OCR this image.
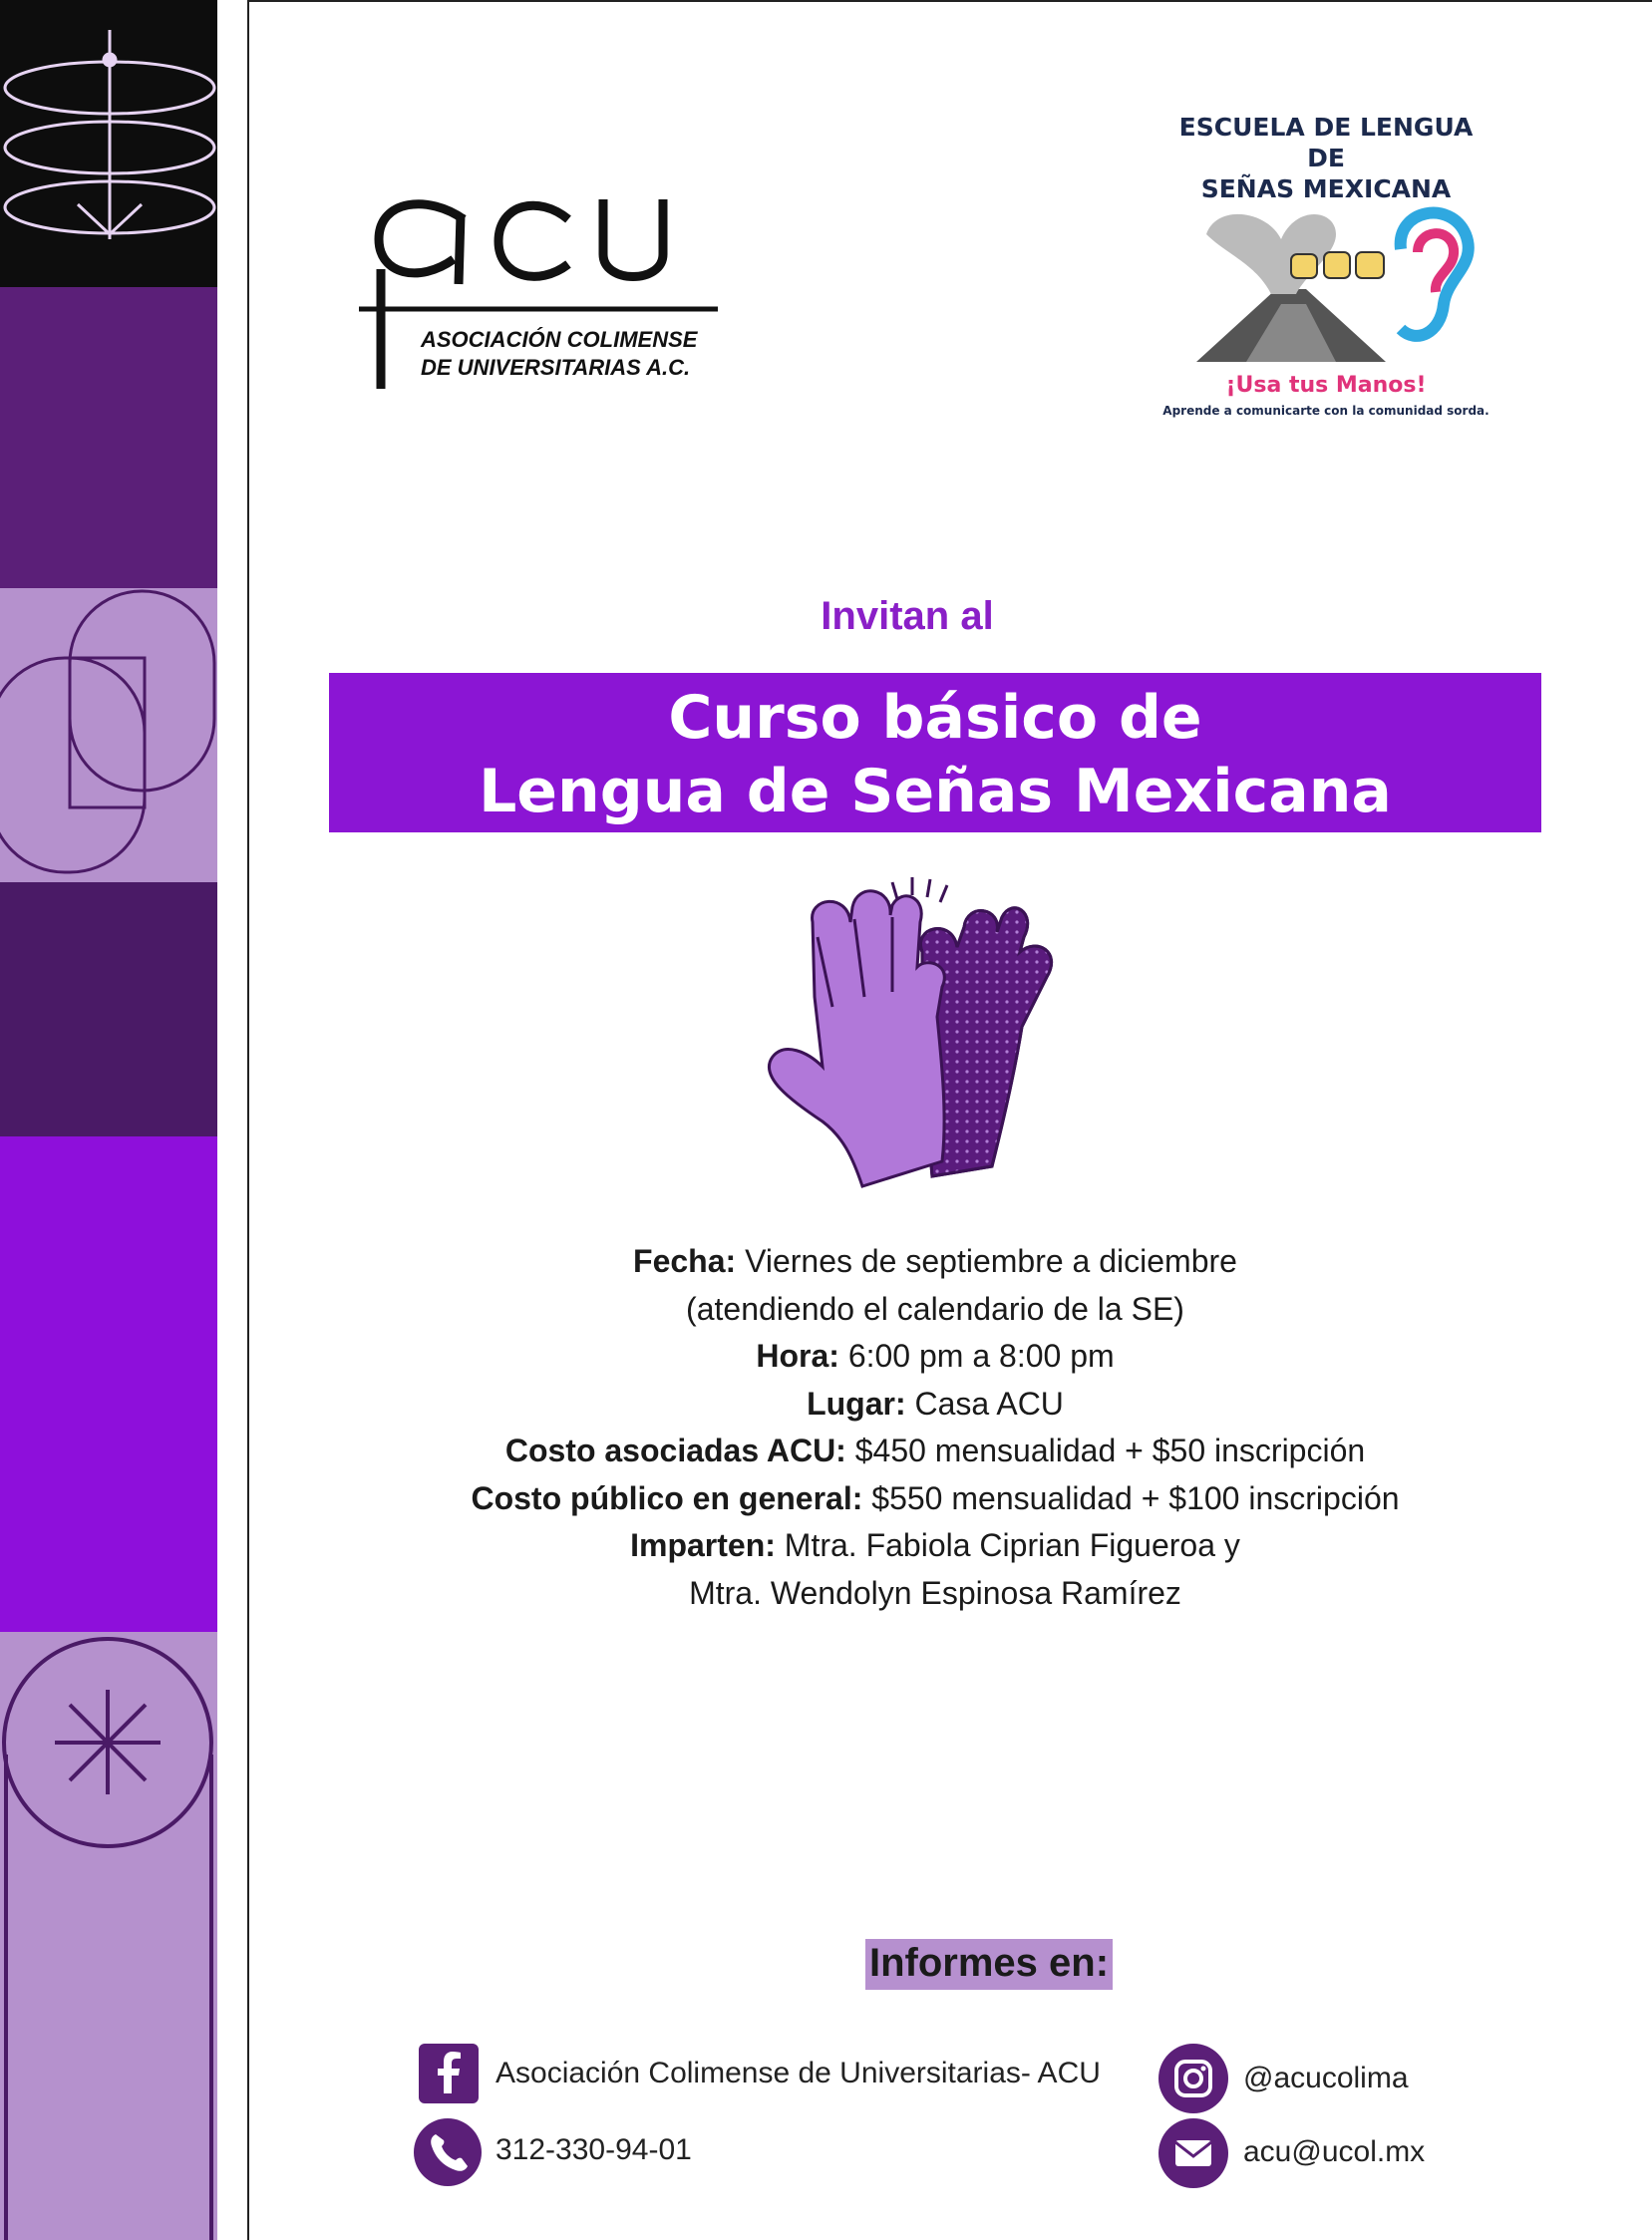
ASOCIACIÓN COLIMENSE
DE UNIVERSITARIAS A.C.
ESCUELA DE LENGUA DE
SEÑAS MEXICANA
¡Usa tus Manos!
Aprende a comunicarte con la comunidad sorda.
Invitan al
Curso básico de
Lengua de Señas Mexicana
Fecha: Viernes de septiembre a diciembre
(atendiendo el calendario de la SE)
Hora: 6:00 pm a 8:00 pm
Lugar: Casa ACU
Costo asociadas ACU: $450 mensualidad + $50 inscripción
Costo público en general: $550 mensualidad + $100 inscripción
Imparten: Mtra. Fabiola Ciprian Figueroa y
Mtra. Wendolyn Espinosa Ramírez
Informes en:
Asociación Colimense de Universitarias- ACU
312-330-94-01
@acucolima
acu@ucol.mx
